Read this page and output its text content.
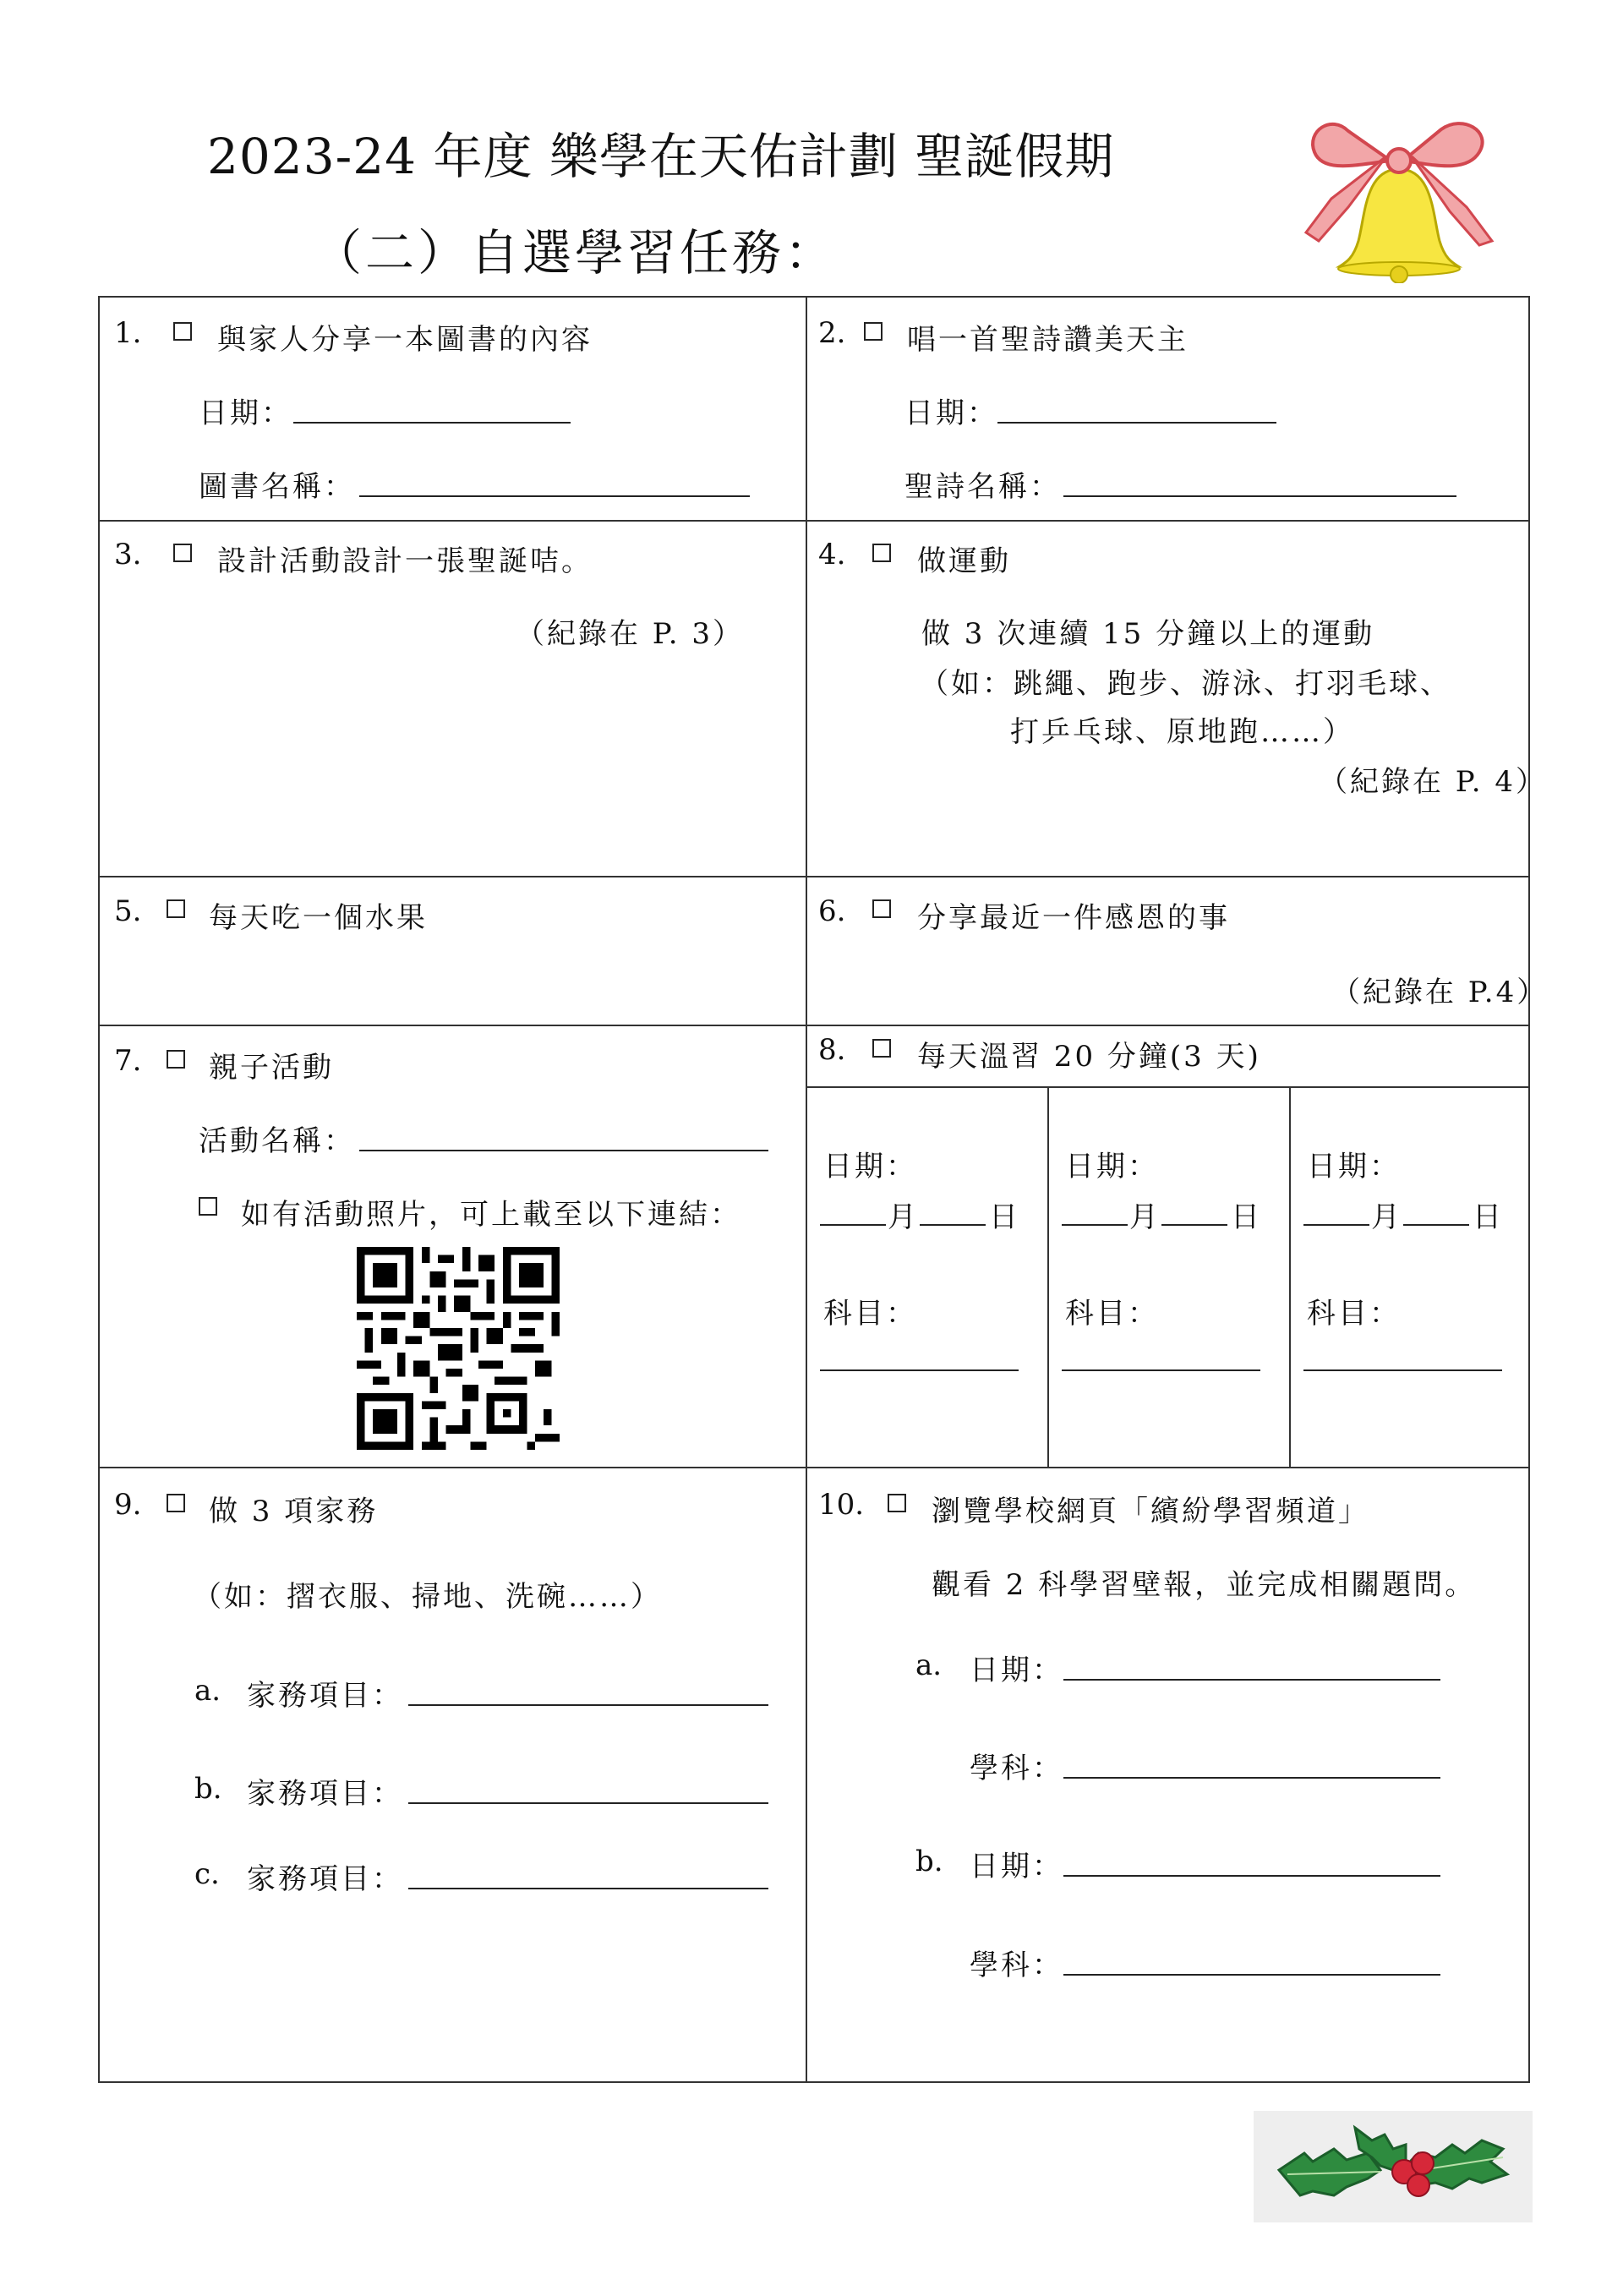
2023-24 年度 樂學在天佑計劃 聖誕假期
（二）自選學習任務：
1.	與家人分享一本圖書的內容
日期：
圖書名稱：
2. 唱一首聖詩讚美天主
日期：
聖詩名稱：
3.	設計活動設計一張聖誕咭。
（紀錄在 P. 3）
4. 做運動
做 3 次連續 15 分鐘以上的運動
（如：跳繩、跑步、游泳、打羽毛球、
打乒乓球、原地跑……）
（紀錄在 P. 4）
5. 每天吃一個水果	6. 分享最近一件感恩的事
（紀錄在 P.4）
7. 親子活動
活動名稱：
如有活動照片，可上載至以下連結：
8. 每天溫習 20 分鐘(3 天)
日期：
月 日
科目：
日期：
月 日
科目：
日期：
月 日
科目：
9. 做 3 項家務
（如：摺衣服、掃地、洗碗……）
a. 家務項目：
b. 家務項目：
c. 家務項目：
10. 瀏覽學校網頁「繽紛學習頻道」
觀看 2 科學習壁報，並完成相關題問。
a. 日期：
學科：
b. 日期：
學科：
